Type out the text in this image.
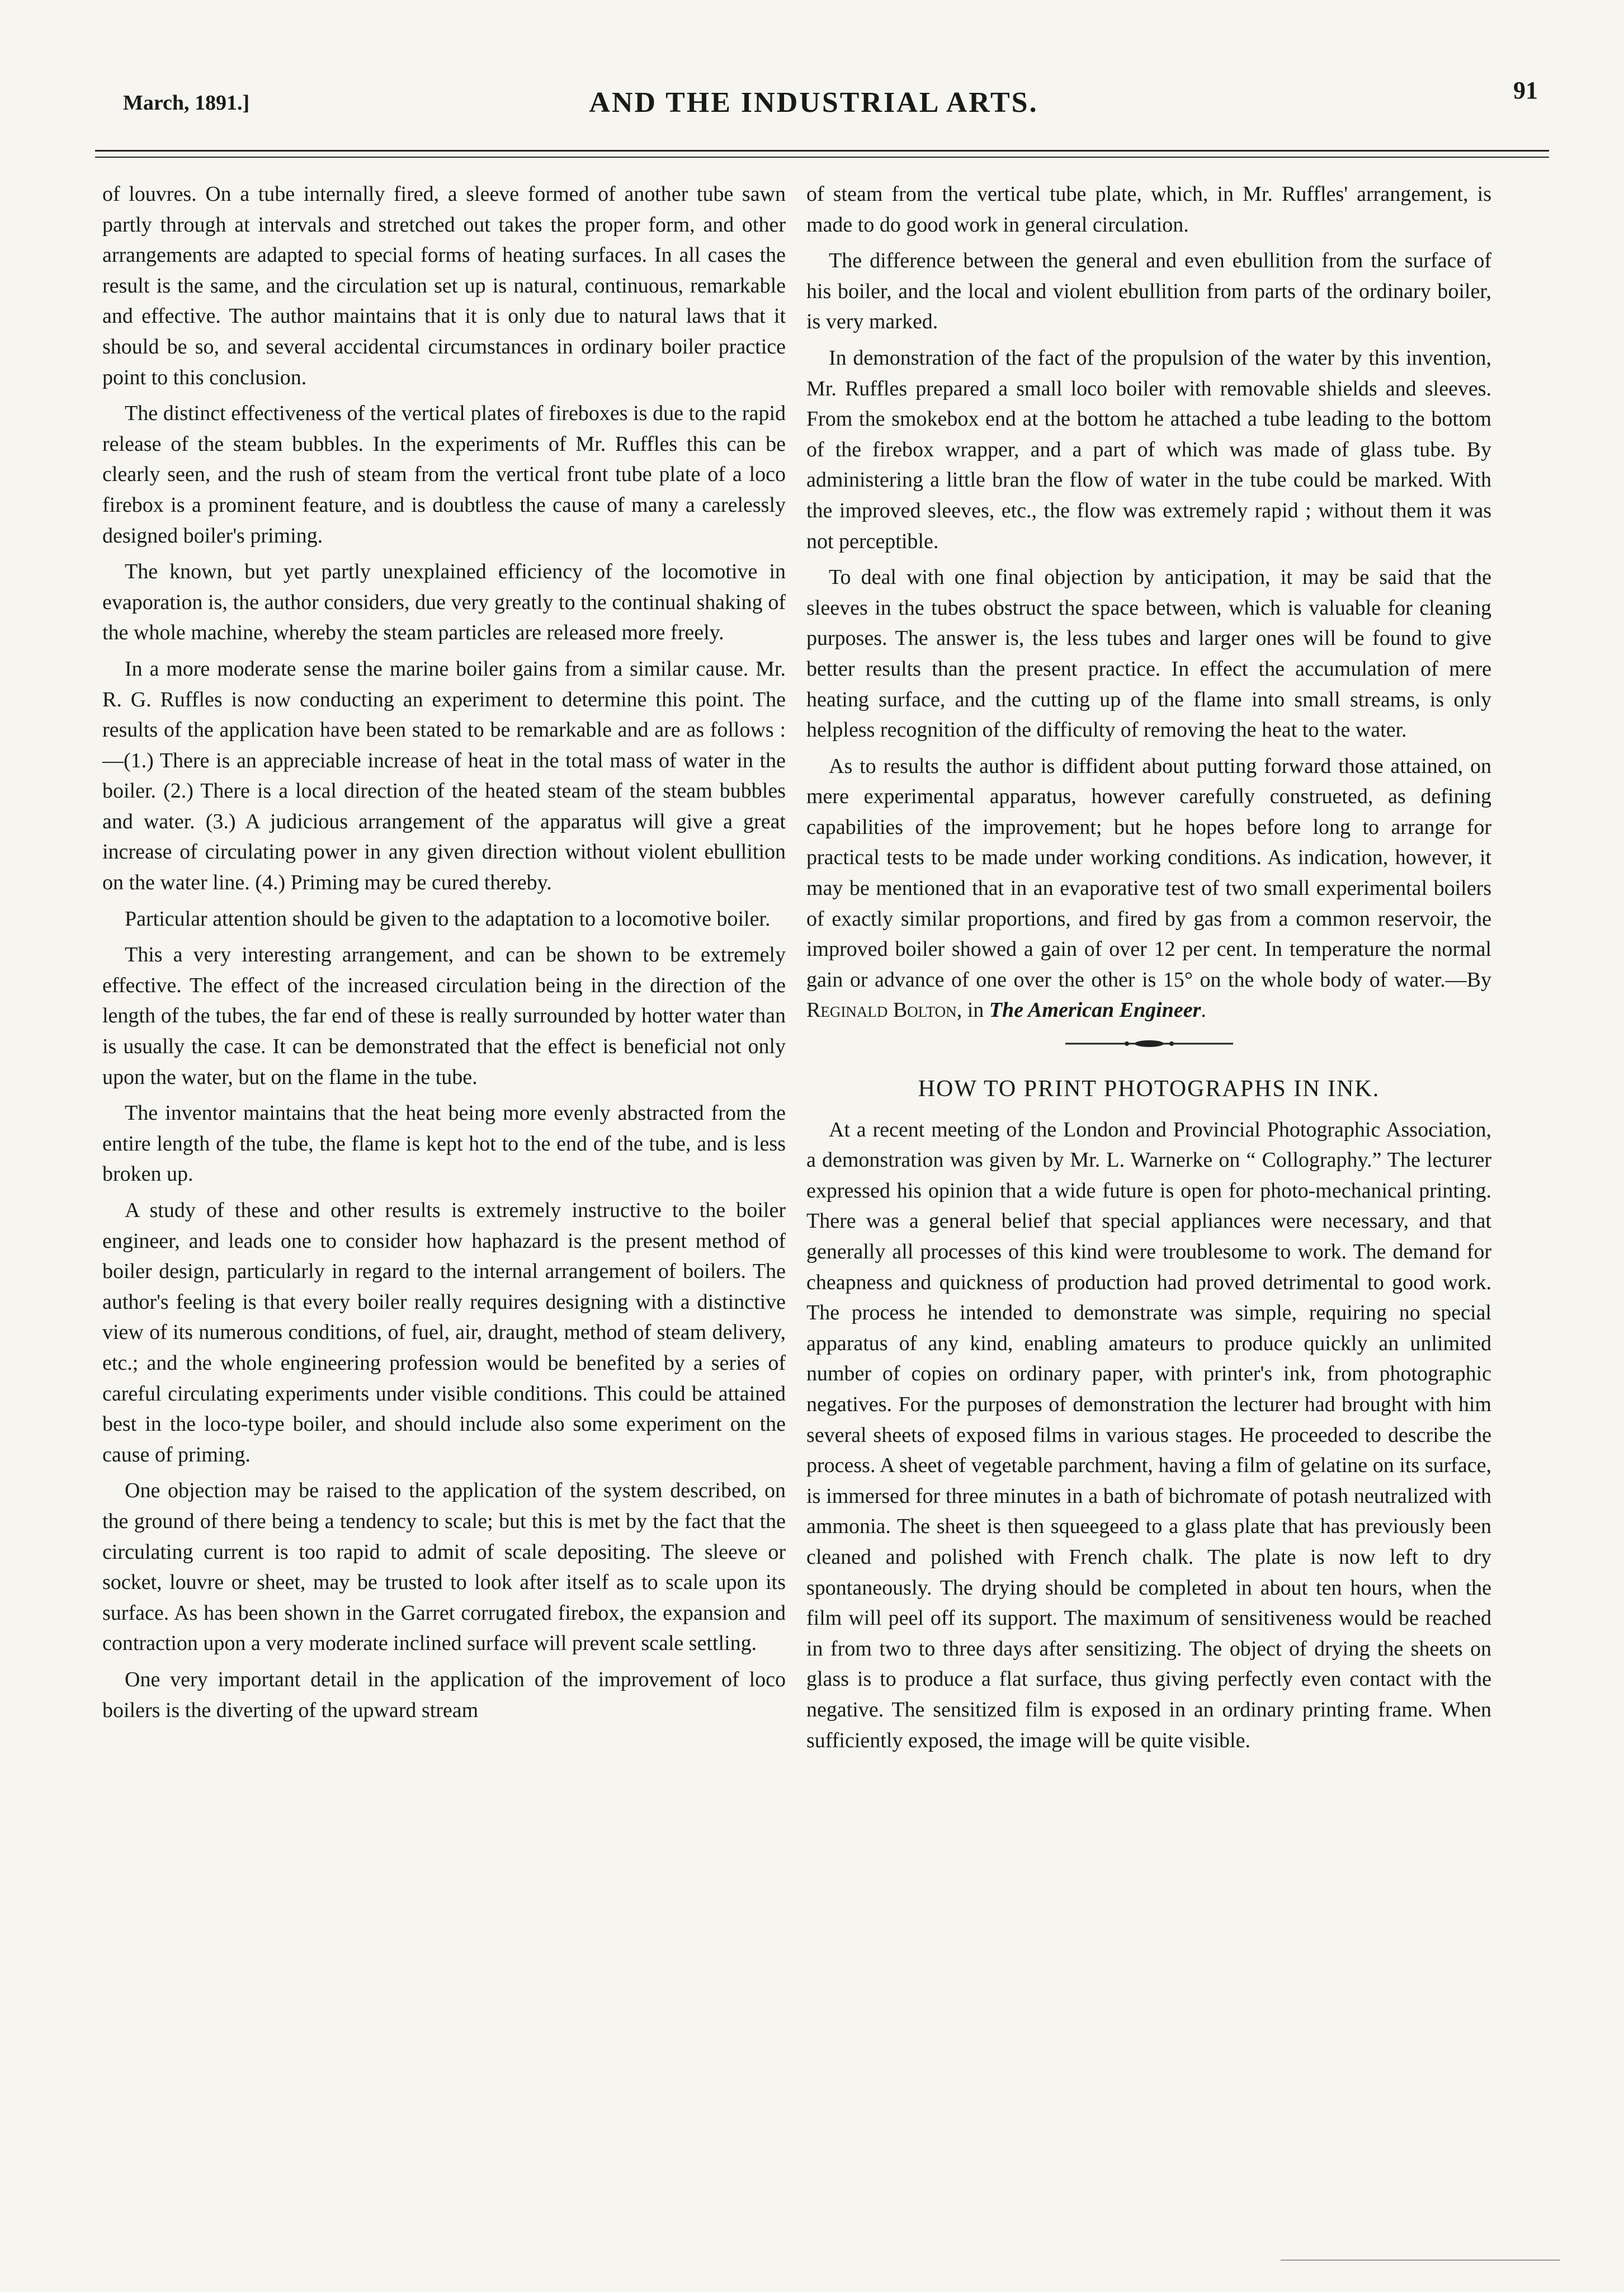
March, 1891.]	AND THE INDUSTRIAL ARTS.	91

of louvres. On a tube internally fired, a sleeve formed of another tube sawn partly through at intervals and stretched out takes the proper form, and other arrangements are adapted to special forms of heating surfaces. In all cases the result is the same, and the circulation set up is natural, continuous, remarkable and effective. The author maintains that it is only due to natural laws that it should be so, and several accidental circumstances in ordinary boiler practice point to this conclusion.

The distinct effectiveness of the vertical plates of fireboxes is due to the rapid release of the steam bubbles. In the experiments of Mr. Ruffles this can be clearly seen, and the rush of steam from the vertical front tube plate of a loco firebox is a prominent feature, and is doubtless the cause of many a carelessly designed boiler's priming.

The known, but yet partly unexplained efficiency of the locomotive in evaporation is, the author considers, due very greatly to the continual shaking of the whole machine, whereby the steam particles are released more freely.

In a more moderate sense the marine boiler gains from a similar cause. Mr. R. G. Ruffles is now conducting an experiment to determine this point. The results of the application have been stated to be remarkable and are as follows :—(1.) There is an appreciable increase of heat in the total mass of water in the boiler. (2.) There is a local direction of the heated steam of the steam bubbles and water. (3.) A judicious arrangement of the apparatus will give a great increase of circulating power in any given direction without violent ebullition on the water line. (4.) Priming may be cured thereby.

Particular attention should be given to the adaptation to a locomotive boiler.

This a very interesting arrangement, and can be shown to be extremely effective. The effect of the increased circulation being in the direction of the length of the tubes, the far end of these is really surrounded by hotter water than is usually the case. It can be demonstrated that the effect is beneficial not only upon the water, but on the flame in the tube.

The inventor maintains that the heat being more evenly abstracted from the entire length of the tube, the flame is kept hot to the end of the tube, and is less broken up.

A study of these and other results is extremely instructive to the boiler engineer, and leads one to consider how haphazard is the present method of boiler design, particularly in regard to the internal arrangement of boilers. The author's feeling is that every boiler really requires designing with a distinctive view of its numerous conditions, of fuel, air, draught, method of steam delivery, etc.; and the whole engineering profession would be benefited by a series of careful circulating experiments under visible conditions. This could be attained best in the loco-type boiler, and should include also some experiment on the cause of priming.

One objection may be raised to the application of the system described, on the ground of there being a tendency to scale; but this is met by the fact that the circulating current is too rapid to admit of scale depositing. The sleeve or socket, louvre or sheet, may be trusted to look after itself as to scale upon its surface. As has been shown in the Garret corrugated firebox, the expansion and contraction upon a very moderate inclined surface will prevent scale settling.

One very important detail in the application of the improvement of loco boilers is the diverting of the upward stream

of steam from the vertical tube plate, which, in Mr. Ruffles' arrangement, is made to do good work in general circulation.

The difference between the general and even ebullition from the surface of his boiler, and the local and violent ebullition from parts of the ordinary boiler, is very marked.

In demonstration of the fact of the propulsion of the water by this invention, Mr. Ruffles prepared a small loco boiler with removable shields and sleeves. From the smokebox end at the bottom he attached a tube leading to the bottom of the firebox wrapper, and a part of which was made of glass tube. By administering a little bran the flow of water in the tube could be marked. With the improved sleeves, etc., the flow was extremely rapid ; without them it was not perceptible.

To deal with one final objection by anticipation, it may be said that the sleeves in the tubes obstruct the space between, which is valuable for cleaning purposes. The answer is, the less tubes and larger ones will be found to give better results than the present practice. In effect the accumulation of mere heating surface, and the cutting up of the flame into small streams, is only helpless recognition of the difficulty of removing the heat to the water.

As to results the author is diffident about putting forward those attained, on mere experimental apparatus, however carefully construeted, as defining capabilities of the improvement; but he hopes before long to arrange for practical tests to be made under working conditions. As indication, however, it may be mentioned that in an evaporative test of two small experimental boilers of exactly similar proportions, and fired by gas from a common reservoir, the improved boiler showed a gain of over 12 per cent. In temperature the normal gain or advance of one over the other is 15° on the whole body of water.—By Reginald Bolton, in The American Engineer.

HOW TO PRINT PHOTOGRAPHS IN INK.

At a recent meeting of the London and Provincial Photographic Association, a demonstration was given by Mr. L. Warnerke on “ Collography.” The lecturer expressed his opinion that a wide future is open for photo-mechanical printing. There was a general belief that special appliances were necessary, and that generally all processes of this kind were troublesome to work. The demand for cheapness and quickness of production had proved detrimental to good work. The process he intended to demonstrate was simple, requiring no special apparatus of any kind, enabling amateurs to produce quickly an unlimited number of copies on ordinary paper, with printer's ink, from photographic negatives. For the purposes of demonstration the lecturer had brought with him several sheets of exposed films in various stages. He proceeded to describe the process. A sheet of vegetable parchment, having a film of gelatine on its surface, is immersed for three minutes in a bath of bichromate of potash neutralized with ammonia. The sheet is then squeegeed to a glass plate that has previously been cleaned and polished with French chalk. The plate is now left to dry spontaneously. The drying should be completed in about ten hours, when the film will peel off its support. The maximum of sensitiveness would be reached in from two to three days after sensitizing. The object of drying the sheets on glass is to produce a flat surface, thus giving perfectly even contact with the negative. The sensitized film is exposed in an ordinary printing frame. When sufficiently exposed, the image will be quite visible.
